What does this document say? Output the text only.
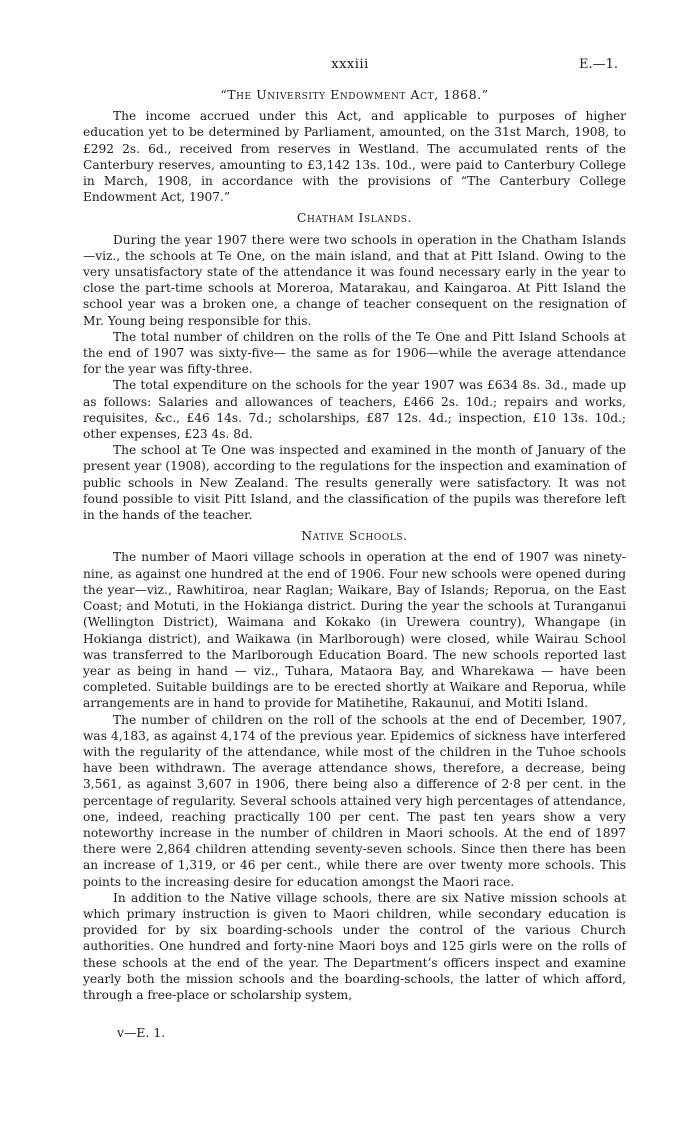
xxxiii	E.—1.
“The University Endowment Act, 1868.”

The income accrued under this Act, and applicable to purposes of higher education yet to be determined by Parliament, amounted, on the 31st March, 1908, to £292 2s. 6d., received from reserves in Westland. The accumulated rents of the Canterbury reserves, amounting to £3,142 13s. 10d., were paid to Canterbury College in March, 1908, in accordance with the provisions of “The Canterbury College Endowment Act, 1907.”

Chatham Islands.

During the year 1907 there were two schools in operation in the Chatham Islands—viz., the schools at Te One, on the main island, and that at Pitt Island. Owing to the very unsatisfactory state of the attendance it was found necessary early in the year to close the part-time schools at Moreroa, Matarakau, and Kaingaroa. At Pitt Island the school year was a broken one, a change of teacher consequent on the resignation of Mr. Young being responsible for this.

The total number of children on the rolls of the Te One and Pitt Island Schools at the end of 1907 was sixty-five— the same as for 1906—while the average attendance for the year was fifty-three.

The total expenditure on the schools for the year 1907 was £634 8s. 3d., made up as follows: Salaries and allowances of teachers, £466 2s. 10d.; repairs and works, requisites, &c., £46 14s. 7d.; scholarships, £87 12s. 4d.; inspection, £10 13s. 10d.; other expenses, £23 4s. 8d.

The school at Te One was inspected and examined in the month of January of the present year (1908), according to the regulations for the inspection and examination of public schools in New Zealand. The results generally were satisfactory. It was not found possible to visit Pitt Island, and the classification of the pupils was therefore left in the hands of the teacher.

Native Schools.

The number of Maori village schools in operation at the end of 1907 was ninety-nine, as against one hundred at the end of 1906. Four new schools were opened during the year—viz., Rawhitiroa, near Raglan; Waikare, Bay of Islands; Reporua, on the East Coast; and Motuti, in the Hokianga district. During the year the schools at Turanganui (Wellington District), Waimana and Kokako (in Urewera country), Whangape (in Hokianga district), and Waikawa (in Marlborough) were closed, while Wairau School was transferred to the Marlborough Education Board. The new schools reported last year as being in hand — viz., Tuhara, Mataora Bay, and Wharekawa — have been completed. Suitable buildings are to be erected shortly at Waikare and Reporua, while arrangements are in hand to provide for Matihetihe, Rakaunui, and Motiti Island.

The number of children on the roll of the schools at the end of December, 1907, was 4,183, as against 4,174 of the previous year. Epidemics of sickness have interfered with the regularity of the attendance, while most of the children in the Tuhoe schools have been withdrawn. The average attendance shows, therefore, a decrease, being 3,561, as against 3,607 in 1906, there being also a difference of 2·8 per cent. in the percentage of regularity. Several schools attained very high percentages of attendance, one, indeed, reaching practically 100 per cent. The past ten years show a very noteworthy increase in the number of children in Maori schools. At the end of 1897 there were 2,864 children attending seventy-seven schools. Since then there has been an increase of 1,319, or 46 per cent., while there are over twenty more schools. This points to the increasing desire for education amongst the Maori race.

In addition to the Native village schools, there are six Native mission schools at which primary instruction is given to Maori children, while secondary education is provided for by six boarding-schools under the control of the various Church authorities. One hundred and forty-nine Maori boys and 125 girls were on the rolls of these schools at the end of the year. The Department’s officers inspect and examine yearly both the mission schools and the boarding-schools, the latter of which afford, through a free-place or scholarship system,

v—E. 1.
